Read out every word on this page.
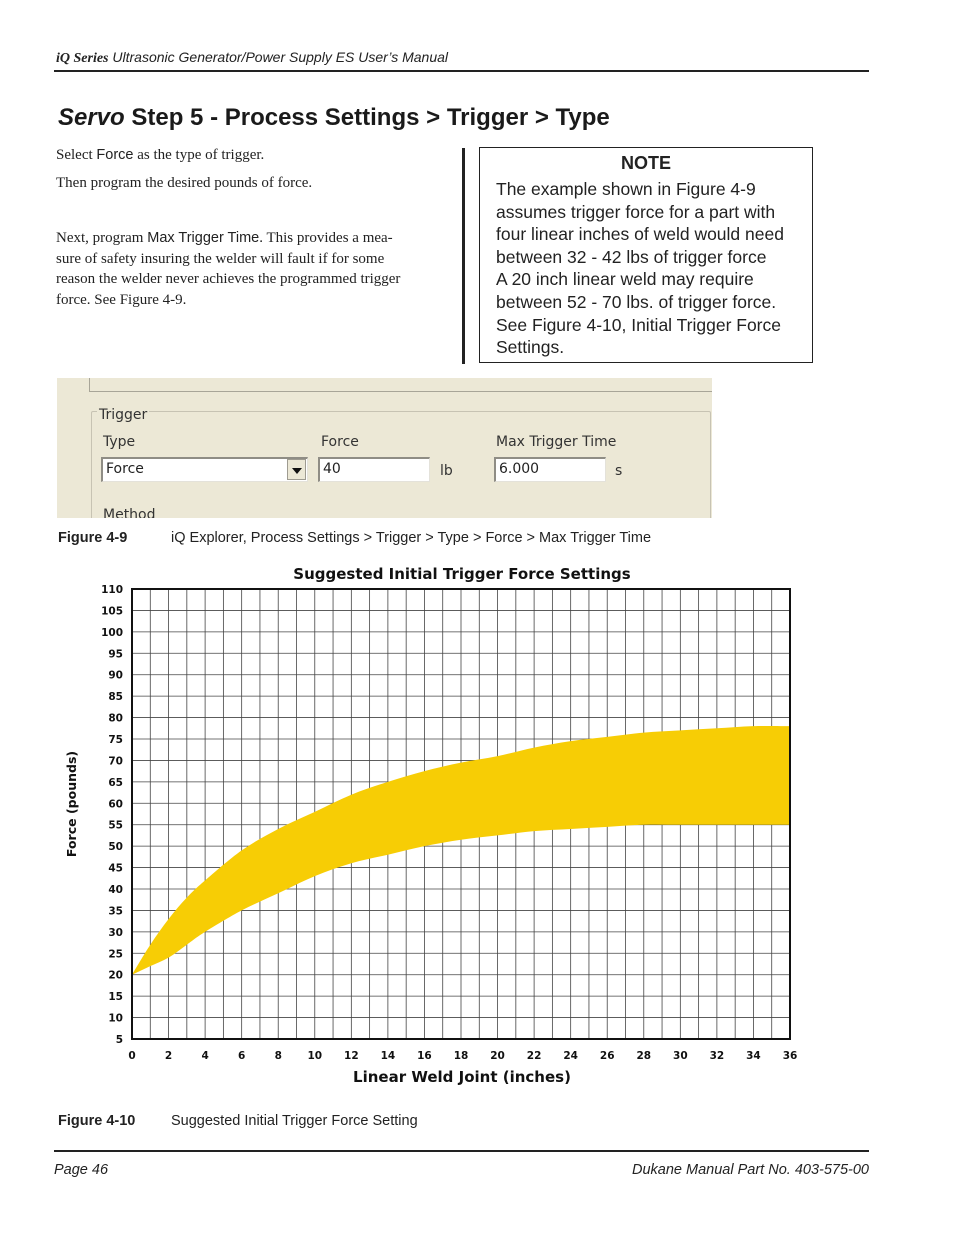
iQ Series Ultrasonic Generator/Power Supply ES User’s Manual
Servo Step 5 - Process Settings > Trigger > Type
Select Force as the type of trigger.
Then program the desired pounds of force.
Next, program Max Trigger Time. This provides a mea-
sure of safety insuring the welder will fault if for some
reason the welder never achieves the programmed trigger
force. See Figure 4-9.
NOTE
The example shown in Figure 4-9
assumes trigger force for a part with
four linear inches of weld would need
between 32 - 42 lbs of trigger force
A 20 inch linear weld may require
between 52 - 70 lbs. of trigger force.
See Figure 4-10, Initial Trigger Force
Settings.
Trigger
Type
Force
Force
40	lb
Max Trigger Time
6.000	s
Method
Figure 4-9	iQ Explorer, Process Settings > Trigger > Type > Force > Max Trigger Time
Suggested Initial Trigger Force Settings
5
10
15
20
25
30
35
40
45
50
55
60
65
70
75
80
85
90
95
100
105
110
0	2	4	6	8 10 12 14 16 18 20 22 24 26 28 30 32 34 36
Linear Weld Joint (inches)
Force (pounds)
Figure 4-10 Suggested Initial Trigger Force Setting
Page 46	Dukane Manual Part No. 403-575-00
